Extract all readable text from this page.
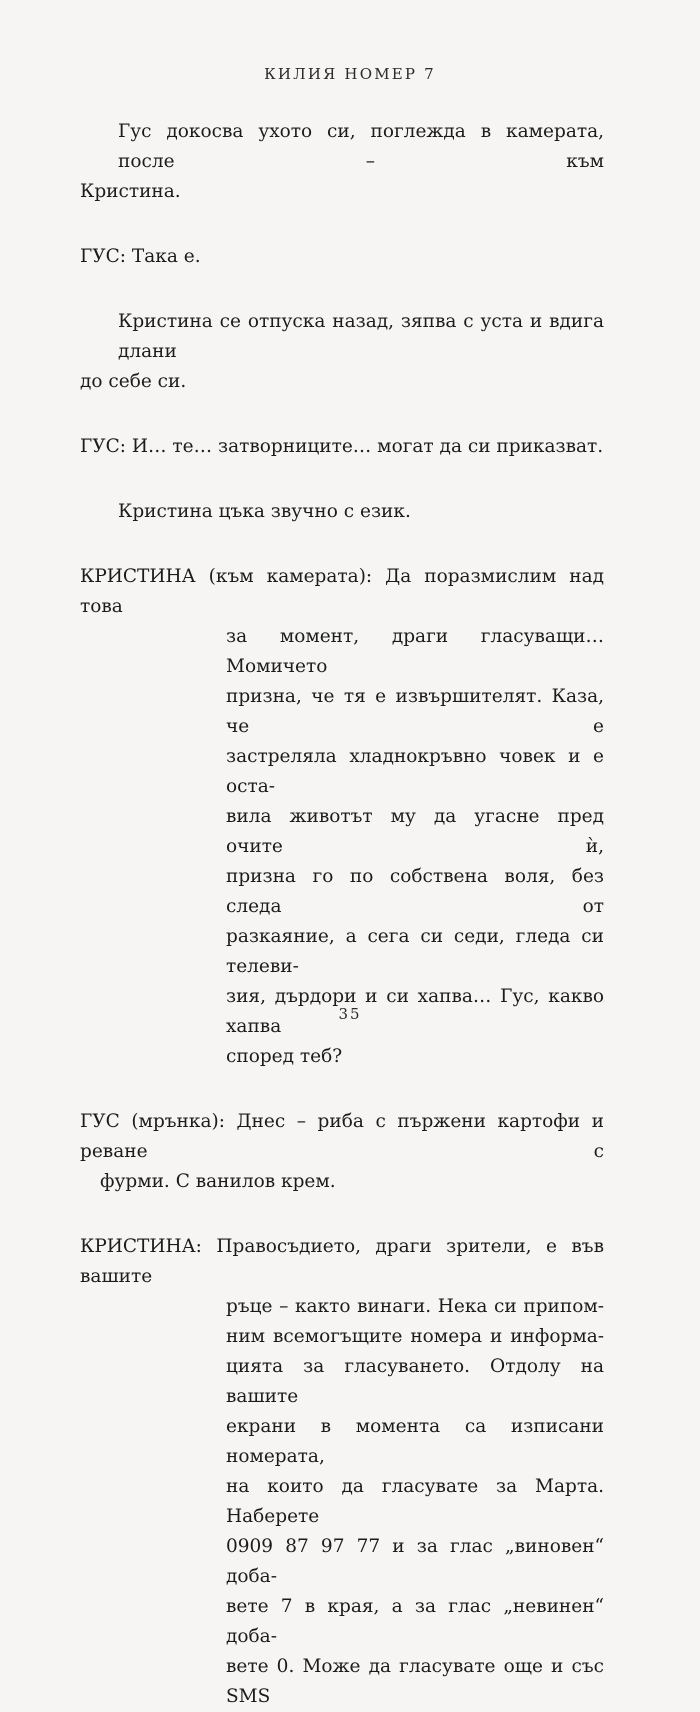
КИЛИЯ НОМЕР 7
Гус докосва ухото си, поглежда в камерата, после – към
Кристина.
ГУС: Така е.
Кристина се отпуска назад, зяпва с уста и вдига длани
до себе си.
ГУС: И… те… затворниците… могат да си приказват.
Кристина цъка звучно с език.
КРИСТИНА (към камерата): Да поразмислим над това
за момент, драги гласуващи… Момичето
призна, че тя е извършителят. Каза, че е
застреляла хладнокръвно човек и е оста-
вила животът му да угасне пред очите ѝ,
призна го по собствена воля, без следа от
разкаяние, а сега си седи, гледа си телеви-
зия, дърдори и си хапва… Гус, какво хапва
според теб?
ГУС (мрънка): Днес – риба с пържени картофи и реване с
фурми. С ванилов крем.
КРИСТИНА: Правосъдието, драги зрители, е във вашите
ръце – както винаги. Нека си припом-
ним всемогъщите номера и информа-
цията за гласуването. Отдолу на вашите
екрани в момента са изписани номерата,
на които да гласувате за Марта. Наберете
0909 87 97 77 и за глас „виновен“ доба-
вете 7 в края, а за глас „невинен“ доба-
вете 0. Може да гласувате още и със SMS
35
